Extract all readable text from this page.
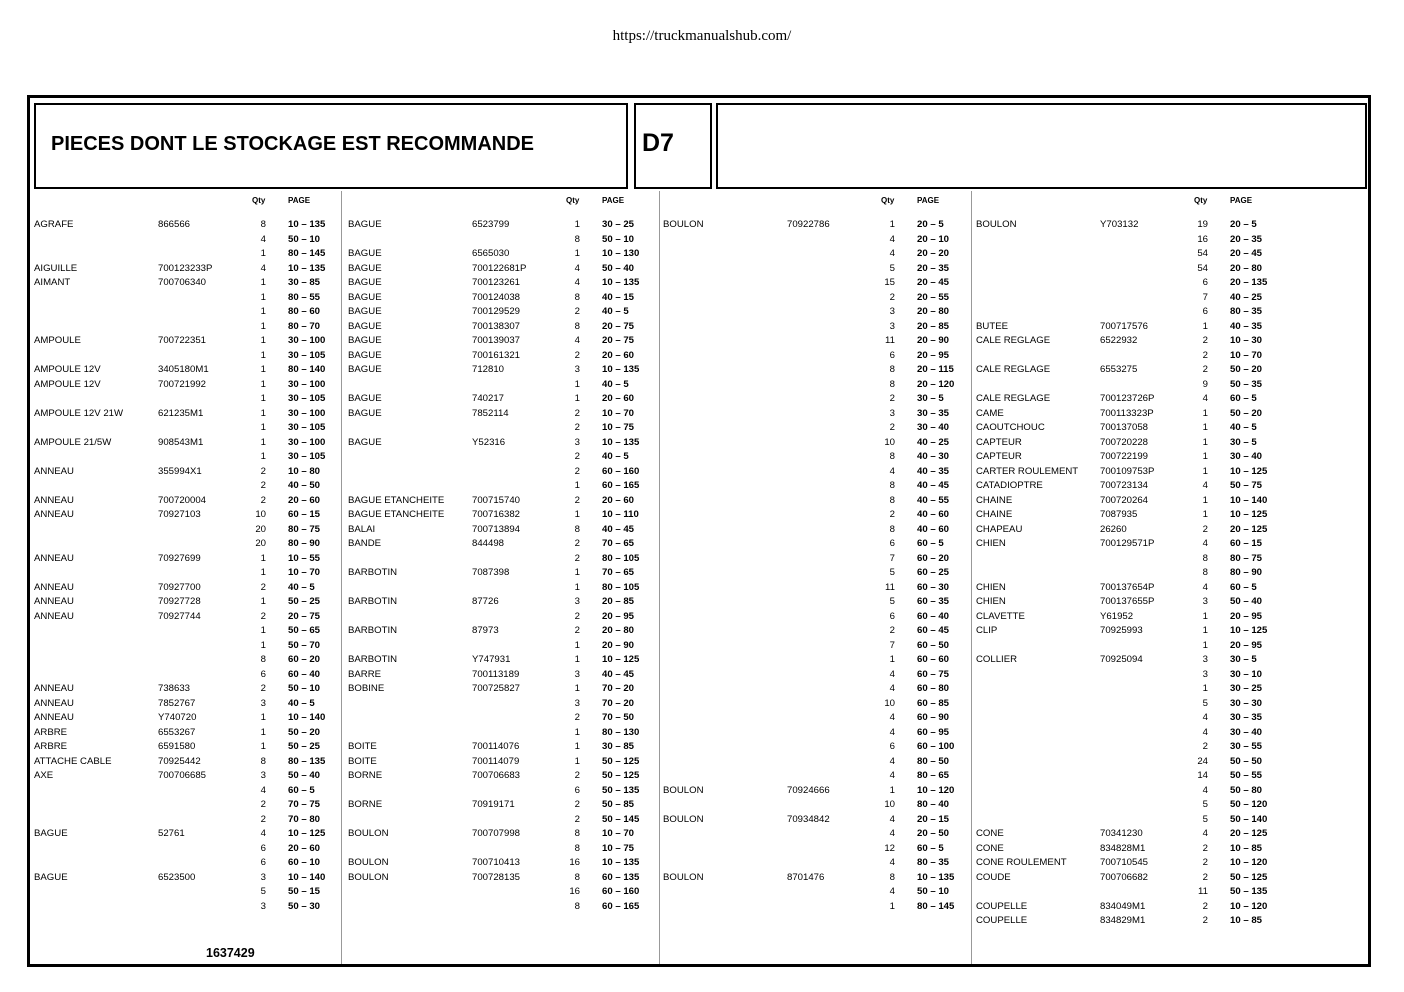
https://truckmanualshub.com/
PIECES DONT LE STOCKAGE EST RECOMMANDE	D7
Qty	PAGE
AGRAFE	866566	8 10 – 135
4 50 – 10
1 80 – 145
AIGUILLE	700123233P	4 10 – 135
AIMANT	700706340	1 30 – 85
1 80 – 55
1 80 – 60
1 80 – 70
AMPOULE	700722351	1 30 – 100
1 30 – 105
AMPOULE 12V	3405180M1	1 80 – 140
AMPOULE 12V	700721992	1 30 – 100
1 30 – 105
AMPOULE 12V 21W	621235M1	1 30 – 100
1 30 – 105
AMPOULE 21/5W	908543M1	1 30 – 100
1 30 – 105
ANNEAU	355994X1	2 10 – 80
2 40 – 50
ANNEAU	700720004	2 20 – 60
ANNEAU	70927103	10 60 – 15
20 80 – 75
20 80 – 90
ANNEAU	70927699	1 10 – 55
1 10 – 70
ANNEAU	70927700	2 40 – 5
ANNEAU	70927728	1 50 – 25
ANNEAU	70927744	2 20 – 75
1 50 – 65
1 50 – 70
8 60 – 20
6 60 – 40
ANNEAU	738633	2 50 – 10
ANNEAU	7852767	3 40 – 5
ANNEAU	Y740720	1 10 – 140
ARBRE	6553267	1 50 – 20
ARBRE	6591580	1 50 – 25
ATTACHE CABLE	70925442	8 80 – 135
AXE	700706685	3 50 – 40
4 60 – 5
2 70 – 75
2 70 – 80
BAGUE	52761	4 10 – 125
6 20 – 60
6 60 – 10
BAGUE	6523500	3 10 – 140
5 50 – 15
3 50 – 30
Qty	PAGE
BAGUE	6523799	1 30 – 25
8 50 – 10
BAGUE	6565030	1 10 – 130
BAGUE	700122681P	4 50 – 40
BAGUE	700123261	4 10 – 135
BAGUE	700124038	8 40 – 15
BAGUE	700129529	2 40 – 5
BAGUE	700138307	8 20 – 75
BAGUE	700139037	4 20 – 75
BAGUE	700161321	2 20 – 60
BAGUE	712810	3 10 – 135
1 40 – 5
BAGUE	740217	1 20 – 60
BAGUE	7852114	2 10 – 70
2 10 – 75
BAGUE	Y52316	3 10 – 135
2 40 – 5
2 60 – 160
1 60 – 165
BAGUE ETANCHEITE	700715740	2 20 – 60
BAGUE ETANCHEITE	700716382	1 10 – 110
BALAI	700713894	8 40 – 45
BANDE	844498	2 70 – 65
2 80 – 105
BARBOTIN	7087398	1 70 – 65
1 80 – 105
BARBOTIN	87726	3 20 – 85
2 20 – 95
BARBOTIN	87973	2 20 – 80
1 20 – 90
BARBOTIN	Y747931	1 10 – 125
BARRE	700113189	3 40 – 45
BOBINE	700725827	1 70 – 20
3 70 – 20
2 70 – 50
1 80 – 130
BOITE	700114076	1 30 – 85
BOITE	700114079	1 50 – 125
BORNE	700706683	2 50 – 125
6 50 – 135
BORNE	70919171	2 50 – 85
2 50 – 145
BOULON	700707998	8 10 – 70
8 10 – 75
BOULON	700710413	16 10 – 135
BOULON	700728135	8 60 – 135
16 60 – 160
8 60 – 165
Qty	PAGE
BOULON	70922786	1 20 – 5
4 20 – 10
4 20 – 20
5 20 – 35
15 20 – 45
2 20 – 55
3 20 – 80
3 20 – 85
11 20 – 90
6 20 – 95
8 20 – 115
8 20 – 120
2 30 – 5
3 30 – 35
2 30 – 40
10 40 – 25
8 40 – 30
4 40 – 35
8 40 – 45
8 40 – 55
2 40 – 60
8 40 – 60
6 60 – 5
7 60 – 20
5 60 – 25
11 60 – 30
5 60 – 35
6 60 – 40
2 60 – 45
7 60 – 50
1 60 – 60
4 60 – 75
4 60 – 80
10 60 – 85
4 60 – 90
4 60 – 95
6 60 – 100
4 80 – 50
4 80 – 65
BOULON	70924666	1 10 – 120
10 80 – 40
BOULON	70934842	4 20 – 15
4 20 – 50
12 60 – 5
4 80 – 35
BOULON	8701476	8 10 – 135
4 50 – 10
1 80 – 145
Qty	PAGE
BOULON	Y703132	19 20 – 5
16 20 – 35
54 20 – 45
54 20 – 80
6 20 – 135
7 40 – 25
6 80 – 35
BUTEE	700717576	1 40 – 35
CALE REGLAGE	6522932	2 10 – 30
2 10 – 70
CALE REGLAGE	6553275	2 50 – 20
9 50 – 35
CALE REGLAGE	700123726P	4 60 – 5
CAME	700113323P	1 50 – 20
CAOUTCHOUC	700137058	1 40 – 5
CAPTEUR	700720228	1 30 – 5
CAPTEUR	700722199	1 30 – 40
CARTER ROULEMENT 700109753P	1 10 – 125
CATADIOPTRE	700723134	4 50 – 75
CHAINE	700720264	1 10 – 140
CHAINE	7087935	1 10 – 125
CHAPEAU	26260	2 20 – 125
CHIEN	700129571P	4 60 – 15
8 80 – 75
8 80 – 90
CHIEN	700137654P	4 60 – 5
CHIEN	700137655P	3 50 – 40
CLAVETTE	Y61952	1 20 – 95
CLIP	70925993	1 10 – 125
1 20 – 95
COLLIER	70925094	3 30 – 5
3 30 – 10
1 30 – 25
5 30 – 30
4 30 – 35
4 30 – 40
2 30 – 55
24 50 – 50
14 50 – 55
4 50 – 80
5 50 – 120
5 50 – 140
CONE	70341230	4 20 – 125
CONE	834828M1	2 10 – 85
CONE ROULEMENT	700710545	2 10 – 120
COUDE	700706682	2 50 – 125
11 50 – 135
COUPELLE	834049M1	2 10 – 120
COUPELLE	834829M1	2 10 – 85
1637429
